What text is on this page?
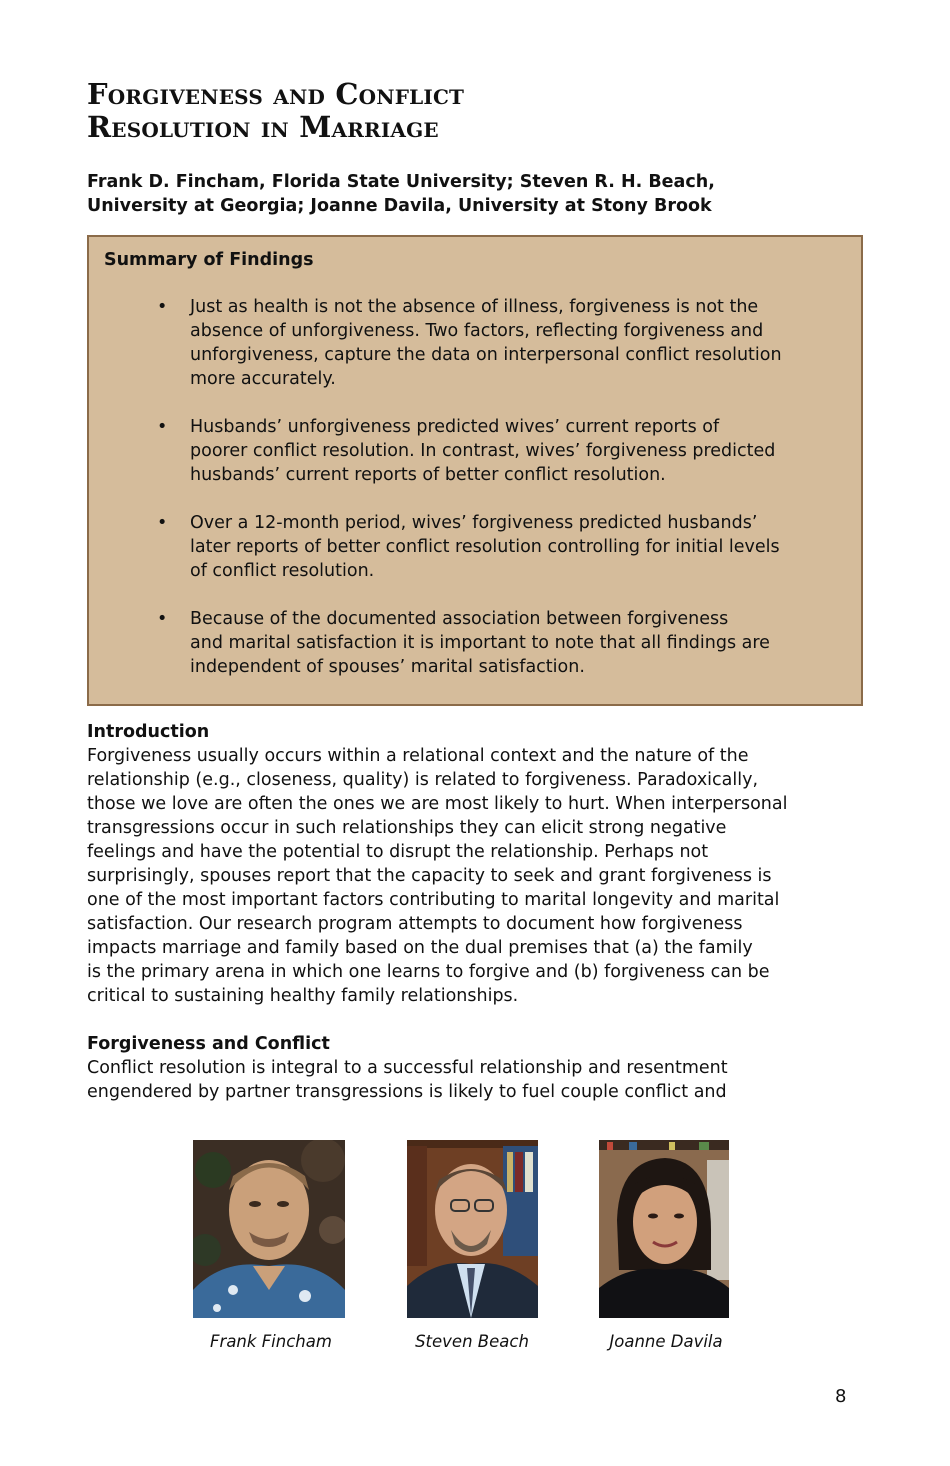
Forgiveness and Conflict
Resolution in Marriage
Frank D. Fincham, Florida State University; Steven R. H. Beach,
University at Georgia; Joanne Davila, University at Stony Brook
Summary of Findings
• Just as health is not the absence of illness, forgiveness is not the
absence of unforgiveness. Two factors, reflecting forgiveness and
unforgiveness, capture the data on interpersonal conflict resolution
more accurately.
• Husbands’ unforgiveness predicted wives’ current reports of
poorer conflict resolution. In contrast, wives’ forgiveness predicted
husbands’ current reports of better conflict resolution.
• Over a 12-month period, wives’ forgiveness predicted husbands’
later reports of better conflict resolution controlling for initial levels
of conflict resolution.
• Because of the documented association between forgiveness
and marital satisfaction it is important to note that all findings are
independent of spouses’ marital satisfaction.
Introduction
Forgiveness usually occurs within a relational context and the nature of the
relationship (e.g., closeness, quality) is related to forgiveness. Paradoxically,
those we love are often the ones we are most likely to hurt. When interpersonal
transgressions occur in such relationships they can elicit strong negative
feelings and have the potential to disrupt the relationship. Perhaps not
surprisingly, spouses report that the capacity to seek and grant forgiveness is
one of the most important factors contributing to marital longevity and marital
satisfaction. Our research program attempts to document how forgiveness
impacts marriage and family based on the dual premises that (a) the family
is the primary arena in which one learns to forgive and (b) forgiveness can be
critical to sustaining healthy family relationships.
Forgiveness and Conflict
Conflict resolution is integral to a successful relationship and resentment
engendered by partner transgressions is likely to fuel couple conflict and
Frank Fincham	Steven Beach	Joanne Davila
8
